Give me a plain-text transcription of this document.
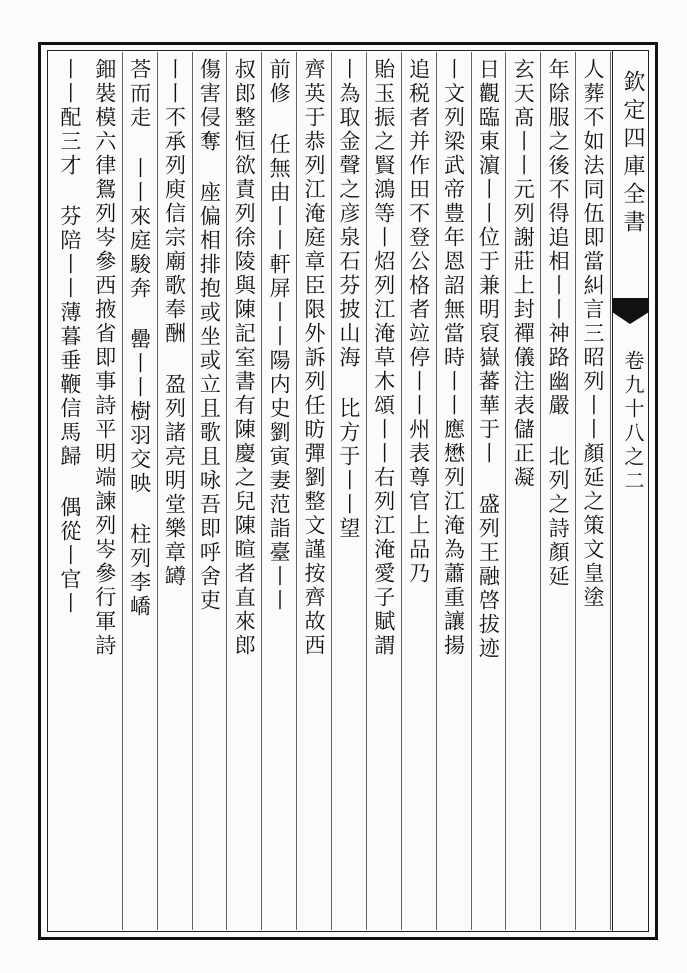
欽定四庫全書
卷九十八之二
人葬不如法同伍即當糾言三昭列丨丨顏延之策文皇塗
年除服之後不得追相丨丨神路幽嚴 北列之詩顏延
玄天髙丨丨元列謝莊上封禪儀注表儲正凝
日觀臨東濵丨丨位于兼明裒嶽蕃華于丨 盛列王融啓拔迹
丨文列梁武帝豊年恩詔無當時丨丨應懋列江淹為蕭重讓揚
追税者并作田不登公格者竝停丨丨州表尊官上品乃
貽玉振之賢鴻等丨炤列江淹草木頌丨丨右列江淹愛子賦謂
丨為取金聲之彦泉石芬披山海 比方于丨丨望
齊英于恭列江淹庭章臣限外訴列任昉彈劉整文謹按齊故西
前修 任無由丨丨軒屏丨丨陽内史劉寅妻范詣臺丨丨
叔郎整恒欲責列徐陵與陳記室書有陳慶之兒陳暄者直來郎
傷害侵奪 座偏相排抱或坐或立且歌且咏吾即呼舍吏
丨丨不承列庾信宗廟歌奉酬 盈列諸亮明堂樂章罇
荅而走 丨丨來庭駿奔 罍丨丨樹羽交映 柱列李嶠
鈿裝模六律鴛列岑參西掖省即事詩平明端諫列岑參行軍詩
丨丨配三才 芬陪丨丨薄暮垂鞭信馬歸 偶從丨官丨
